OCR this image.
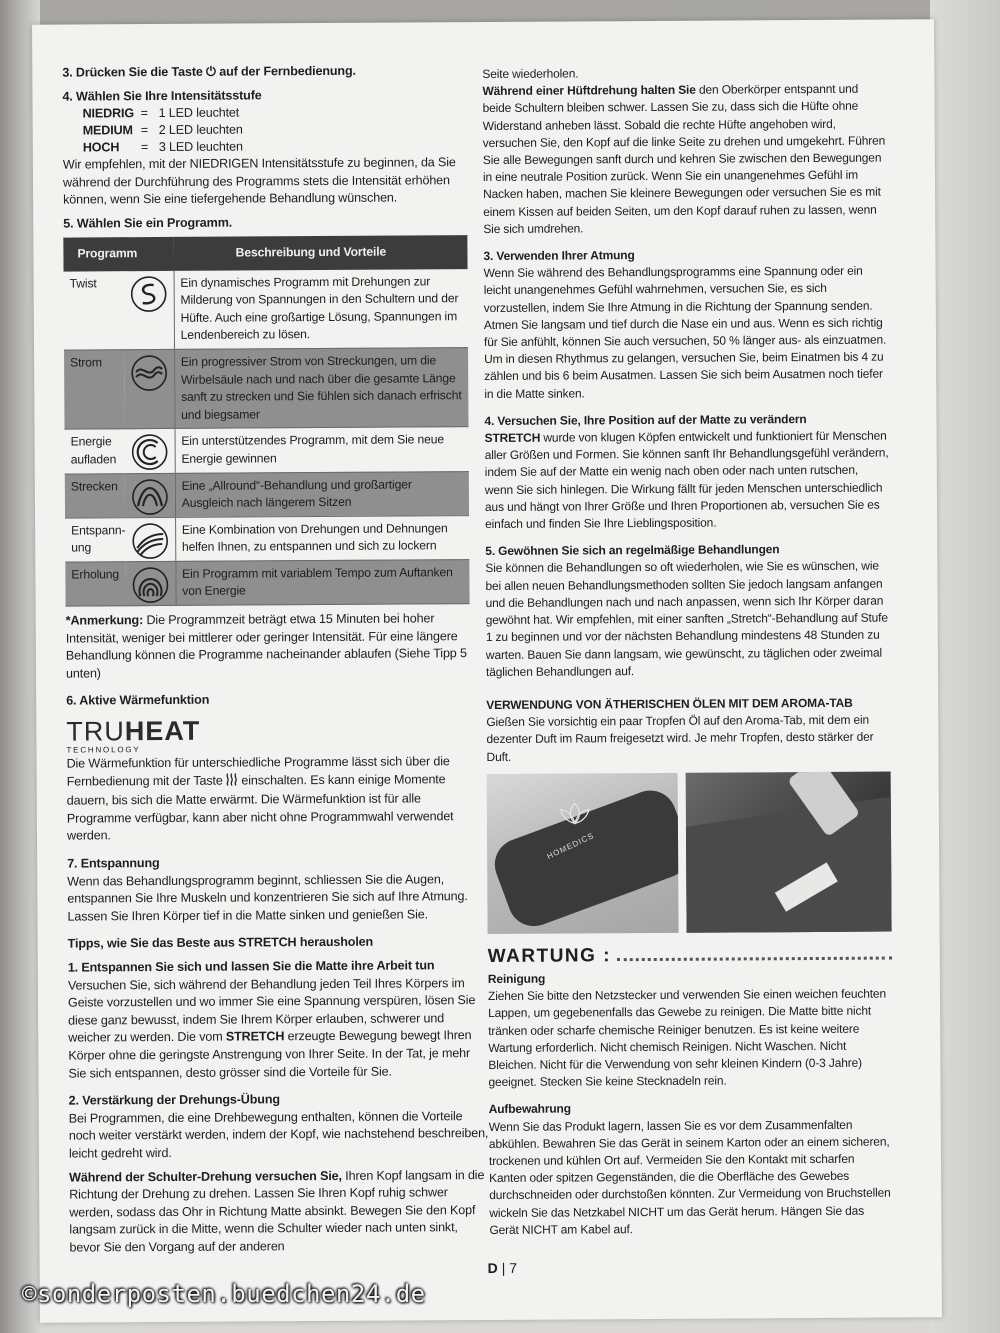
3. Drücken Sie die Taste ⏻ auf der Fernbedienung.

4. Wählen Sie Ihre Intensitätsstufe

NIEDRIG = 1 LED leuchtet
MEDIUM = 2 LED leuchten
HOCH	= 3 LED leuchten

Wir empfehlen, mit der NIEDRIGEN Intensitätsstufe zu beginnen, da Sie während der Durchführung des Programms stets die Intensität erhöhen können, wenn Sie eine tiefergehende Behandlung wünschen.

5. Wählen Sie ein Programm.

Programm		Beschreibung und Vorteile
Twist		Ein dynamisches Programm mit Drehungen zur Milderung von Spannungen in den Schultern und der Hüfte. Auch eine großartige Lösung, Spannungen im Lendenbereich zu lösen.
Strom		Ein progressiver Strom von Streckungen, um die Wirbelsäule nach und nach über die gesamte Länge sanft zu strecken und Sie fühlen sich danach erfrischt und biegsamer
Energie aufladen		Ein unterstützendes Programm, mit dem Sie neue Energie gewinnen
Strecken		Eine „Allround“-Behandlung und großartiger Ausgleich nach längerem Sitzen
Entspann-ung		Eine Kombination von Drehungen und Dehnungen helfen Ihnen, zu entspannen und sich zu lockern
Erholung		Ein Programm mit variablem Tempo zum Auftanken von Energie

*Anmerkung: Die Programmzeit beträgt etwa 15 Minuten bei hoher Intensität, weniger bei mittlerer oder geringer Intensität. Für eine längere Behandlung können die Programme nacheinander ablaufen (Siehe Tipp 5 unten)

6. Aktive Wärmefunktion

TRUHEAT
TECHNOLOGY

Die Wärmefunktion für unterschiedliche Programme lässt sich über die Fernbedienung mit der Taste  einschalten. Es kann einige Momente dauern, bis sich die Matte erwärmt. Die Wärmefunktion ist für alle Programme verfügbar, kann aber nicht ohne Programmwahl verwendet werden.

7. Entspannung

Wenn das Behandlungsprogramm beginnt, schliessen Sie die Augen, entspannen Sie Ihre Muskeln und konzentrieren Sie sich auf Ihre Atmung. Lassen Sie Ihren Körper tief in die Matte sinken und genießen Sie.

Tipps, wie Sie das Beste aus STRETCH herausholen

1. Entspannen Sie sich und lassen Sie die Matte ihre Arbeit tun

Versuchen Sie, sich während der Behandlung jeden Teil Ihres Körpers im Geiste vorzustellen und wo immer Sie eine Spannung verspüren, lösen Sie diese ganz bewusst, indem Sie Ihrem Körper erlauben, schwerer und weicher zu werden. Die vom STRETCH erzeugte Bewegung bewegt Ihren Körper ohne die geringste Anstrengung von Ihrer Seite. In der Tat, je mehr Sie sich entspannen, desto grösser sind die Vorteile für Sie.

2. Verstärkung der Drehungs-Übung

Bei Programmen, die eine Drehbewegung enthalten, können die Vorteile noch weiter verstärkt werden, indem der Kopf, wie nachstehend beschreiben, leicht gedreht wird.

Während der Schulter-Drehung versuchen Sie, Ihren Kopf langsam in die Richtung der Drehung zu drehen. Lassen Sie Ihren Kopf ruhig schwer werden, sodass das Ohr in Richtung Matte absinkt. Bewegen Sie den Kopf langsam zurück in die Mitte, wenn die Schulter wieder nach unten sinkt, bevor Sie den Vorgang auf der anderen

Seite wiederholen.

Während einer Hüftdrehung halten Sie den Oberkörper entspannt und beide Schultern bleiben schwer. Lassen Sie zu, dass sich die Hüfte ohne Widerstand anheben lässt. Sobald die rechte Hüfte angehoben wird, versuchen Sie, den Kopf auf die linke Seite zu drehen und umgekehrt. Führen Sie alle Bewegungen sanft durch und kehren Sie zwischen den Bewegungen in eine neutrale Position zurück. Wenn Sie ein unangenehmes Gefühl im Nacken haben, machen Sie kleinere Bewegungen oder versuchen Sie es mit einem Kissen auf beiden Seiten, um den Kopf darauf ruhen zu lassen, wenn Sie sich umdrehen.

3. Verwenden Ihrer Atmung

Wenn Sie während des Behandlungsprogramms eine Spannung oder ein leicht unangenehmes Gefühl wahrnehmen, versuchen Sie, es sich vorzustellen, indem Sie Ihre Atmung in die Richtung der Spannung senden. Atmen Sie langsam und tief durch die Nase ein und aus. Wenn es sich richtig für Sie anfühlt, können Sie auch versuchen, 50 % länger aus- als einzuatmen. Um in diesen Rhythmus zu gelangen, versuchen Sie, beim Einatmen bis 4 zu zählen und bis 6 beim Ausatmen. Lassen Sie sich beim Ausatmen noch tiefer in die Matte sinken.

4. Versuchen Sie, Ihre Position auf der Matte zu verändern

STRETCH wurde von klugen Köpfen entwickelt und funktioniert für Menschen aller Größen und Formen. Sie können sanft Ihr Behandlungsgefühl verändern, indem Sie auf der Matte ein wenig nach oben oder nach unten rutschen, wenn Sie sich hinlegen. Die Wirkung fällt für jeden Menschen unterschiedlich aus und hängt von Ihrer Größe und Ihren Proportionen ab, versuchen Sie es einfach und finden Sie Ihre Lieblingsposition.

5. Gewöhnen Sie sich an regelmäßige Behandlungen

Sie können die Behandlungen so oft wiederholen, wie Sie es wünschen, wie bei allen neuen Behandlungsmethoden sollten Sie jedoch langsam anfangen und die Behandlungen nach und nach anpassen, wenn sich Ihr Körper daran gewöhnt hat. Wir empfehlen, mit einer sanften „Stretch“-Behandlung auf Stufe 1 zu beginnen und vor der nächsten Behandlung mindestens 48 Stunden zu warten. Bauen Sie dann langsam, wie gewünscht, zu täglichen oder zweimal täglichen Behandlungen auf.

VERWENDUNG VON ÄTHERISCHEN ÖLEN MIT DEM AROMA-TAB

Gießen Sie vorsichtig ein paar Tropfen Öl auf den Aroma-Tab, mit dem ein dezenter Duft im Raum freigesetzt wird. Je mehr Tropfen, desto stärker der Duft.

HOMEDICS
WARTUNG :

Reinigung

Ziehen Sie bitte den Netzstecker und verwenden Sie einen weichen feuchten Lappen, um gegebenenfalls das Gewebe zu reinigen. Die Matte bitte nicht tränken oder scharfe chemische Reiniger benutzen. Es ist keine weitere Wartung erforderlich. Nicht chemisch Reinigen. Nicht Waschen. Nicht Bleichen. Nicht für die Verwendung von sehr kleinen Kindern (0-3 Jahre) geeignet. Stecken Sie keine Stecknadeln rein.

Aufbewahrung

Wenn Sie das Produkt lagern, lassen Sie es vor dem Zusammenfalten abkühlen. Bewahren Sie das Gerät in seinem Karton oder an einem sicheren, trockenen und kühlen Ort auf. Vermeiden Sie den Kontakt mit scharfen Kanten oder spitzen Gegenständen, die die Oberfläche des Gewebes durchschneiden oder durchstoßen könnten. Zur Vermeidung von Bruchstellen wickeln Sie das Netzkabel NICHT um das Gerät herum. Hängen Sie das Gerät NICHT am Kabel auf.

D | 7
©sonderposten.buedchen24.de
